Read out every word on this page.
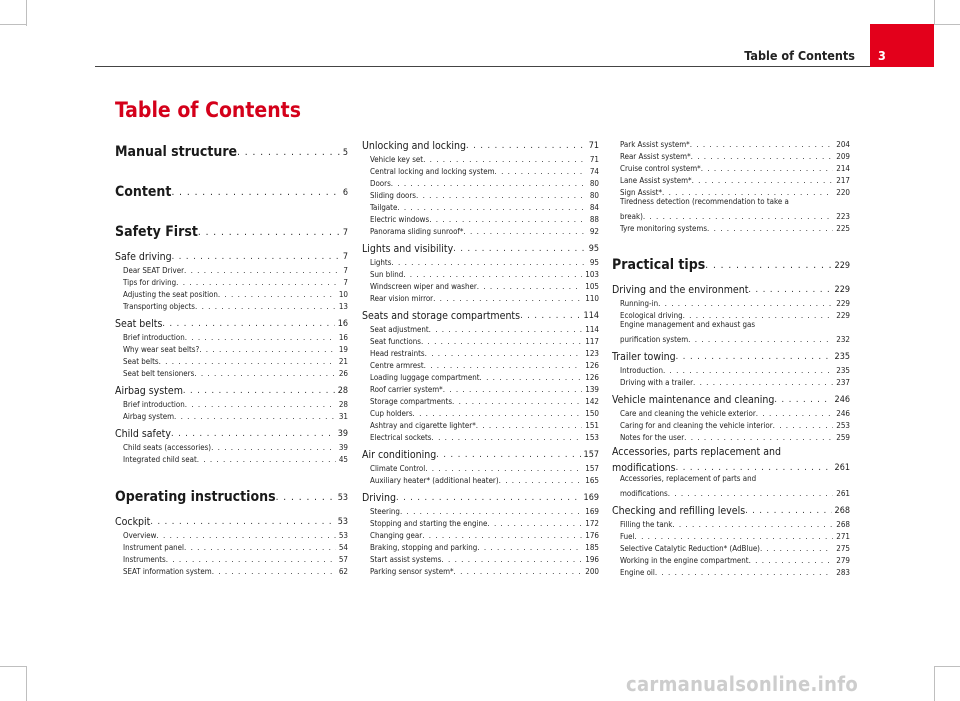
Table of Contents 3
Table of Contents
Manual structure . . .	5
Content . . .	6
Safety First . . .	7
Safe driving . . .	7
Dear SEAT Driver . . .	7
Tips for driving . . .	7
Adjusting the seat position . . .	10
Transporting objects . . .	13
Seat belts . . .	16
Brief introduction . . .	16
Why wear seat belts? . . .	19
Seat belts . . .	21
Seat belt tensioners . . .	26
Airbag system . . .	28
Brief introduction . . .	28
Airbag system . . .	31
Child safety . . .	39
Child seats (accessories) . . .	39
Integrated child seat . . .	45
Operating instructions . . .	53
Cockpit . . .	53
Overview . . .	53
Instrument panel . . .	54
Instruments . . .	57
SEAT information system . . .	62
Unlocking and locking . . .	71
Vehicle key set . . .	71
Central locking and locking system . . .	74
Doors . . .	80
Sliding doors . . .	80
Tailgate . . .	84
Electric windows . . .	88
Panorama sliding sunroof* . . .	92
Lights and visibility . . .	95
Lights . . .	95
Sun blind . . .	103
Windscreen wiper and washer . . .	105
Rear vision mirror . . .	110
Seats and storage compartments . . .	114
Seat adjustment . . .	114
Seat functions . . .	117
Head restraints . . .	123
Centre armrest . . .	126
Loading luggage compartment . . .	126
Roof carrier system* . . .	139
Storage compartments . . .	142
Cup holders . . .	150
Ashtray and cigarette lighter* . . .	151
Electrical sockets . . .	153
Air conditioning . . .	157
Climate Control . . .	157
Auxiliary heater* (additional heater) . . .	165
Driving . . .	169
Steering . . .	169
Stopping and starting the engine . . .	172
Changing gear . . .	176
Braking, stopping and parking . . .	185
Start assist systems . . .	196
Parking sensor system* . . .	200
Park Assist system* . . .	204
Rear Assist system* . . .	209
Cruise control system* . . .	214
Lane Assist system* . . .	217
Sign Assist* . . .	220
Tiredness detection (recommendation to take a
break) . . .	223
Tyre monitoring systems . . .	225
Practical tips . . .	229
Driving and the environment . . .	229
Running-in . . .	229
Ecological driving . . .	229
Engine management and exhaust gas
purification system . . .	232
Trailer towing . . .	235
Introduction . . .	235
Driving with a trailer . . .	237
Vehicle maintenance and cleaning . . .	246
Care and cleaning the vehicle exterior . . .	246
Caring for and cleaning the vehicle interior . . .	253
Notes for the user . . .	259
Accessories, parts replacement and
modifications . . .	261
Accessories, replacement of parts and
modifications . . .	261
Checking and refilling levels . . .	268
Filling the tank . . .	268
Fuel . . .	271
Selective Catalytic Reduction* (AdBlue) . . .	275
Working in the engine compartment . . .	279
Engine oil . . .	283
carmanualsonline.info
